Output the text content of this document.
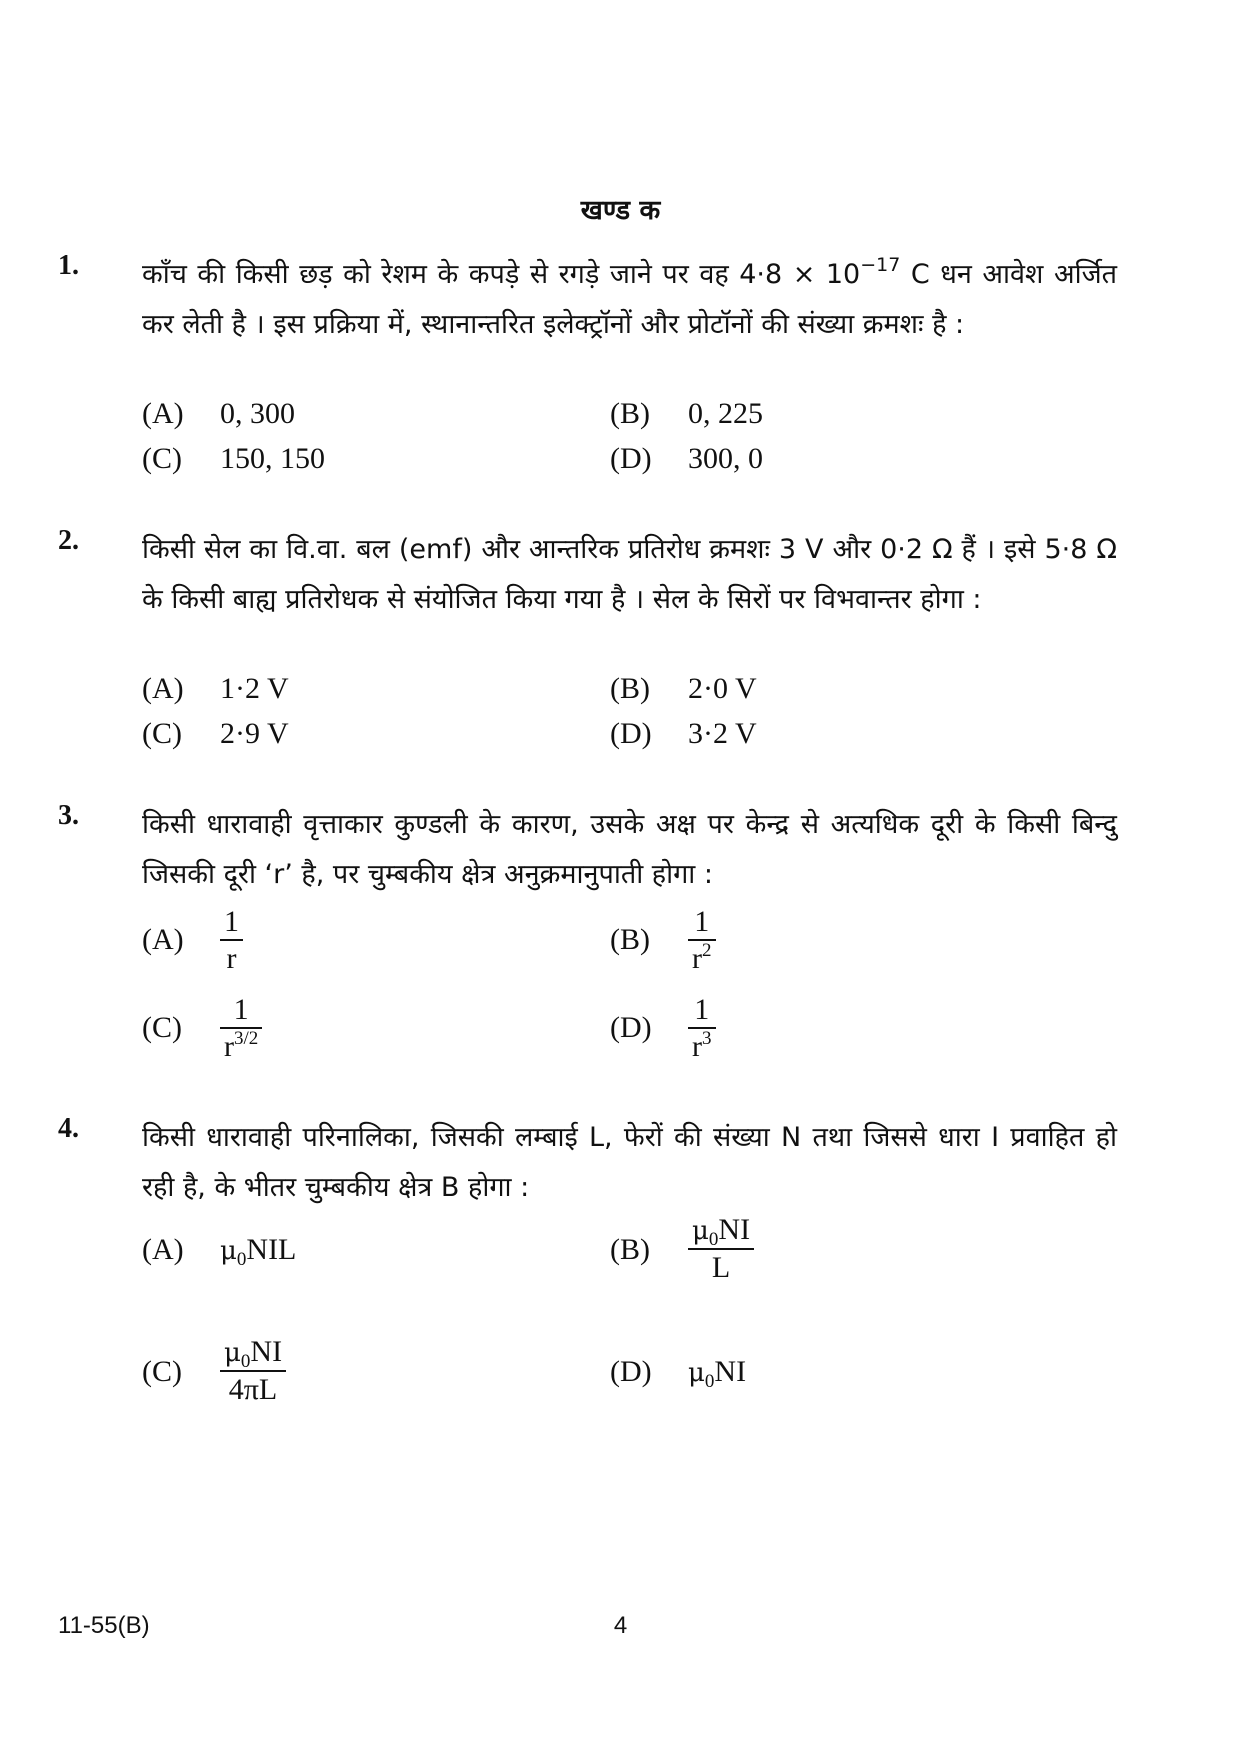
खण्ड क
1. काँच की किसी छड़ को रेशम के कपड़े से रगड़े जाने पर वह $4\cdot 8 \times 10^{-17}$ C धन आवेश अर्जित कर लेती है । इस प्रक्रिया में, स्थानान्तरित इलेक्ट्रॉनों और प्रोटॉनों की संख्या क्रमशः है :
(A) 0, 300	(B) 0, 225
(C) 150, 150	(D) 300, 0
2. किसी सेल का वि.वा. बल (emf) और आन्तरिक प्रतिरोध क्रमशः 3 V और 0·2 Ω हैं । इसे 5·8 Ω के किसी बाह्य प्रतिरोधक से संयोजित किया गया है । सेल के सिरों पर विभवान्तर होगा :
(A) 1·2 V	(B) 2·0 V
(C) 2·9 V	(D) 3·2 V
3. किसी धारावाही वृत्ताकार कुण्डली के कारण, उसके अक्ष पर केन्द्र से अत्यधिक दूरी के किसी बिन्दु जिसकी दूरी ‘r’ है, पर चुम्बकीय क्षेत्र अनुक्रमानुपाती होगा :
$(A) \frac{1}{r}$	$(B) \frac{1}{r^2}$
$(C) \frac{1}{r^{3/2}}$	$(D) \frac{1}{r^3}$
4. किसी धारावाही परिनालिका, जिसकी लम्बाई L, फेरों की संख्या N तथा जिससे धारा I प्रवाहित हो रही है, के भीतर चुम्बकीय क्षेत्र B होगा :
(A) $\mu_0NIL$	$(B) \frac{\mu_0NI}{L}$
$(C) \frac{\mu_0NI}{4\pi L}$	(D) $\mu_0NI$
11-55(B)	4
